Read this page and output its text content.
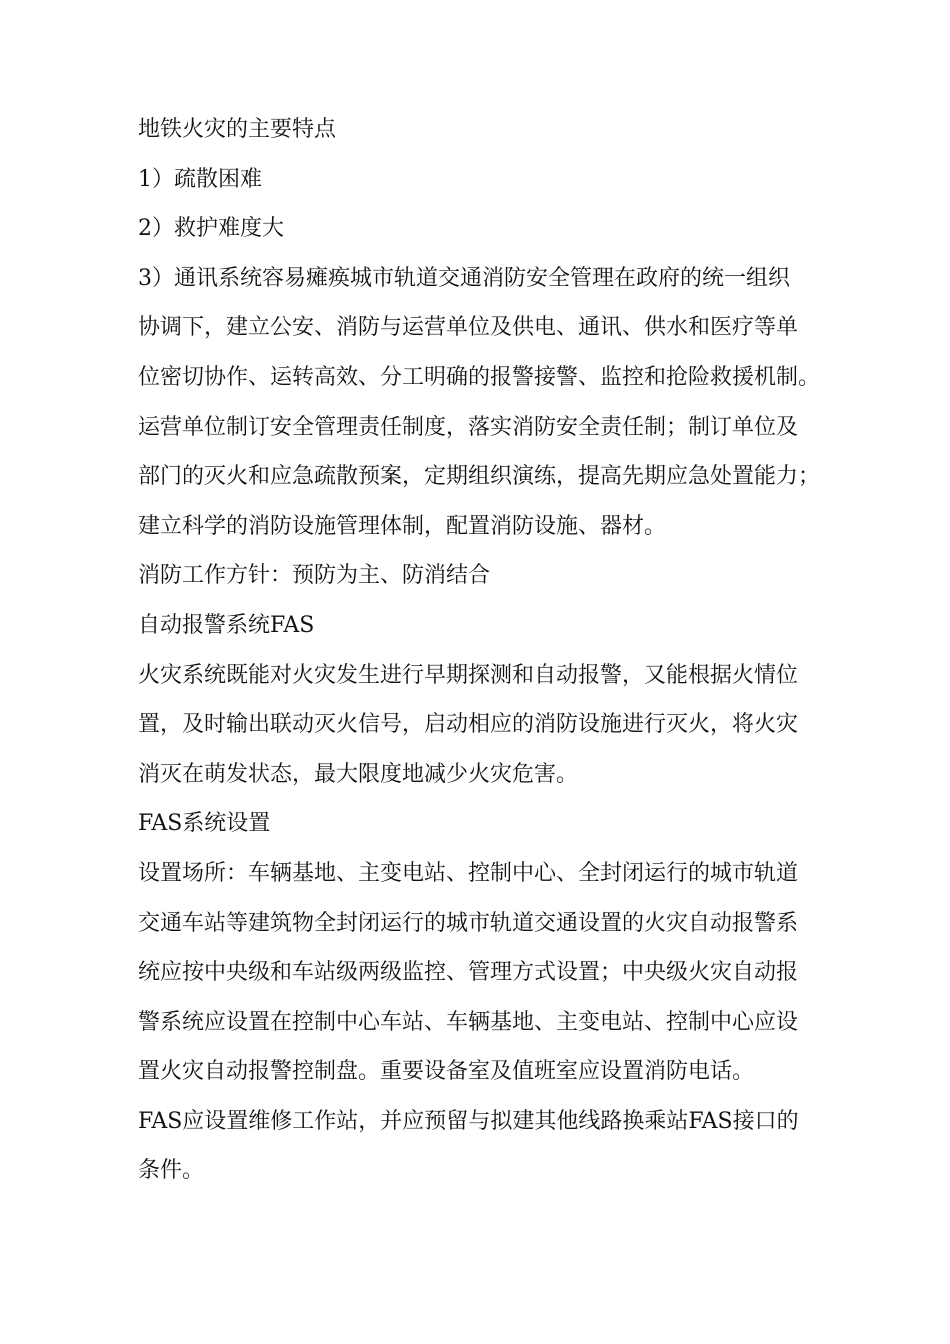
地铁火灾的主要特点
1）疏散困难
2）救护难度大
3）通讯系统容易瘫痪城市轨道交通消防安全管理在政府的统一组织
协调下，建立公安、消防与运营单位及供电、通讯、供水和医疗等单
位密切协作、运转高效、分工明确的报警接警、监控和抢险救援机制。
运营单位制订安全管理责任制度，落实消防安全责任制；制订单位及
部门的灭火和应急疏散预案，定期组织演练，提高先期应急处置能力；
建立科学的消防设施管理体制，配置消防设施、器材。
消防工作方针：预防为主、防消结合
自动报警系统FAS
火灾系统既能对火灾发生进行早期探测和自动报警，又能根据火情位
置，及时输出联动灭火信号，启动相应的消防设施进行灭火，将火灾
消灭在萌发状态，最大限度地减少火灾危害。
FAS系统设置
设置场所：车辆基地、主变电站、控制中心、全封闭运行的城市轨道
交通车站等建筑物全封闭运行的城市轨道交通设置的火灾自动报警系
统应按中央级和车站级两级监控、管理方式设置；中央级火灾自动报
警系统应设置在控制中心车站、车辆基地、主变电站、控制中心应设
置火灾自动报警控制盘。重要设备室及值班室应设置消防电话。
FAS应设置维修工作站，并应预留与拟建其他线路换乘站FAS接口的
条件。
